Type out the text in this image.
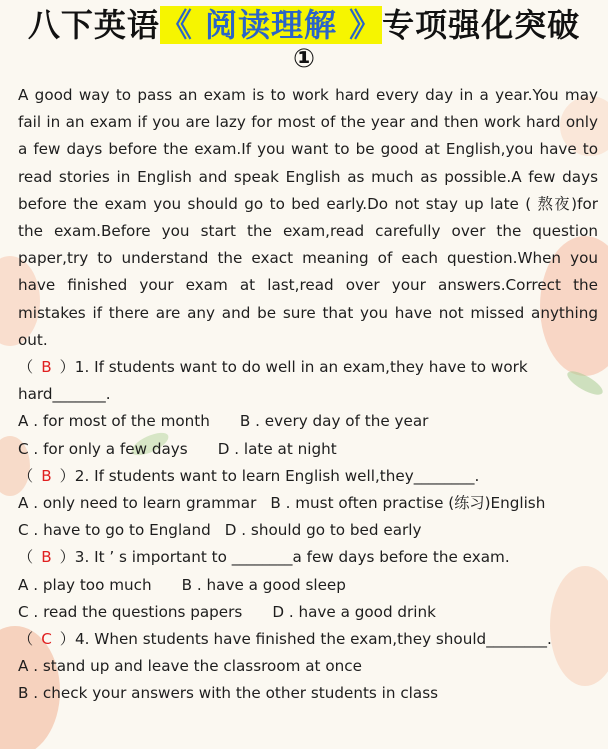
八下英语《 阅读理解 》专项强化突破
①
A good way to pass an exam is to work hard every day in a year.You may fail in an exam if you are lazy for most of the year and then work hard only a few days before the exam.If you want to be good at English,you have to read stories in English and speak English as much as possible.A few days before the exam you should go to bed early.Do not stay up late ( 熬夜)for the exam.Before you start the exam,read carefully over the question paper,try to understand the exact meaning of each question.When you have finished your exam at last,read over your answers.Correct the mistakes if there are any and be sure that you have not missed anything out.
（ B ）1. If students want to do well in an exam,they have to work hard_______.
A . for most of the month B . every day of the year
C . for only a few days D . late at night
（ B ）2. If students want to learn English well,they________.
A . only need to learn grammar B . must often practise (练习)English
C . have to go to England D . should go to bed early
（ B ）3. It ’ s important to ________a few days before the exam.
A . play too much B . have a good sleep
C . read the questions papers D . have a good drink
（ C ）4. When students have finished the exam,they should________.
A . stand up and leave the classroom at once
B . check your answers with the other students in class
